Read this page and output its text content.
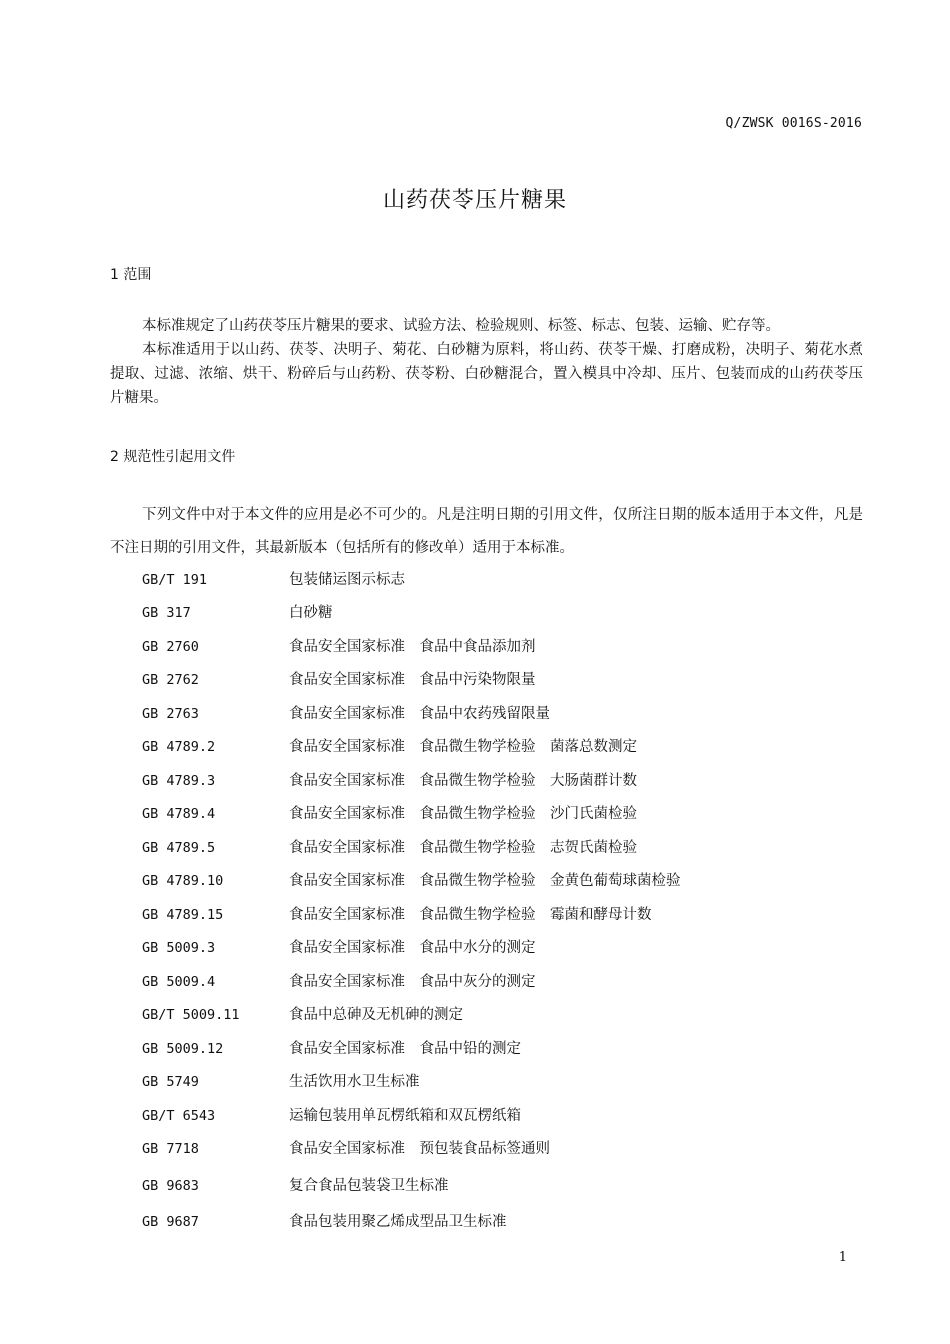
Q/ZWSK 0016S-2016
山药茯苓压片糖果
1 范围
本标准规定了山药茯苓压片糖果的要求、试验方法、检验规则、标签、标志、包装、运输、贮存等。
本标准适用于以山药、茯苓、决明子、菊花、白砂糖为原料，将山药、茯苓干燥、打磨成粉，决明子、菊花水煮提取、过滤、浓缩、烘干、粉碎后与山药粉、茯苓粉、白砂糖混合，置入模具中冷却、压片、包装而成的山药茯苓压片糖果。
2 规范性引起用文件
下列文件中对于本文件的应用是必不可少的。凡是注明日期的引用文件，仅所注日期的版本适用于本文件，凡是不注日期的引用文件，其最新版本（包括所有的修改单）适用于本标准。
GB/T 191	包装储运图示标志
GB 317	白砂糖
GB 2760	食品安全国家标准　食品中食品添加剂
GB 2762	食品安全国家标准　食品中污染物限量
GB 2763	食品安全国家标准　食品中农药残留限量
GB 4789.2	食品安全国家标准　食品微生物学检验　菌落总数测定
GB 4789.3	食品安全国家标准　食品微生物学检验　大肠菌群计数
GB 4789.4	食品安全国家标准　食品微生物学检验　沙门氏菌检验
GB 4789.5	食品安全国家标准　食品微生物学检验　志贺氏菌检验
GB 4789.10	食品安全国家标准　食品微生物学检验　金黄色葡萄球菌检验
GB 4789.15	食品安全国家标准　食品微生物学检验　霉菌和酵母计数
GB 5009.3	食品安全国家标准　食品中水分的测定
GB 5009.4	食品安全国家标准　食品中灰分的测定
GB/T 5009.11	食品中总砷及无机砷的测定
GB 5009.12	食品安全国家标准　食品中铅的测定
GB 5749	生活饮用水卫生标准
GB/T 6543	运输包装用单瓦楞纸箱和双瓦楞纸箱
GB 7718	食品安全国家标准　预包装食品标签通则
GB 9683	复合食品包装袋卫生标准
GB 9687	食品包装用聚乙烯成型品卫生标准
1
